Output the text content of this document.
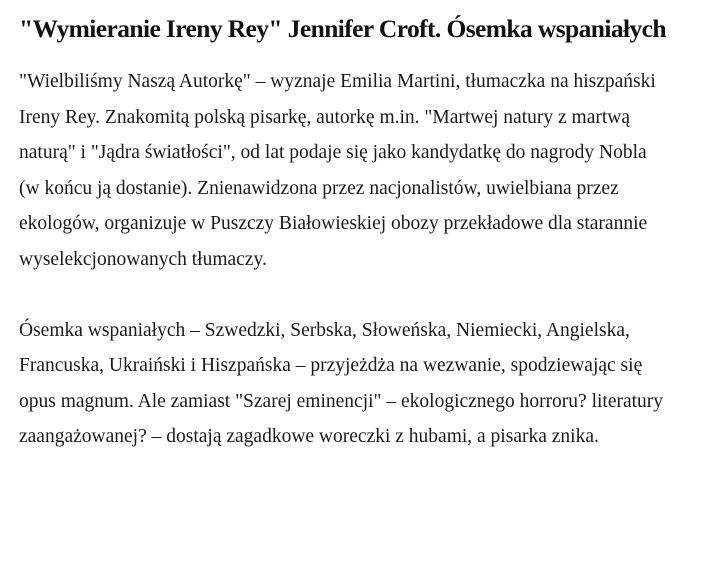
"Wymieranie Ireny Rey" Jennifer Croft. Ósemka wspaniałych

"Wielbiliśmy Naszą Autorkę" – wyznaje Emilia Martini, tłumaczka na hiszpański Ireny Rey. Znakomitą polską pisarkę, autorkę m.in. "Martwej natury z martwą naturą" i "Jądra światłości", od lat podaje się jako kandydatkę do nagrody Nobla (w końcu ją dostanie). Znienawidzona przez nacjonalistów, uwielbiana przez ekologów, organizuje w Puszczy Białowieskiej obozy przekładowe dla starannie wyselekcjonowanych tłumaczy.

Ósemka wspaniałych – Szwedzki, Serbska, Słoweńska, Niemiecki, Angielska, Francuska, Ukraiński i Hiszpańska – przyjeżdża na wezwanie, spodziewając się opus magnum. Ale zamiast "Szarej eminencji" – ekologicznego horroru? literatury zaangażowanej? – dostają zagadkowe woreczki z hubami, a pisarka znika.
